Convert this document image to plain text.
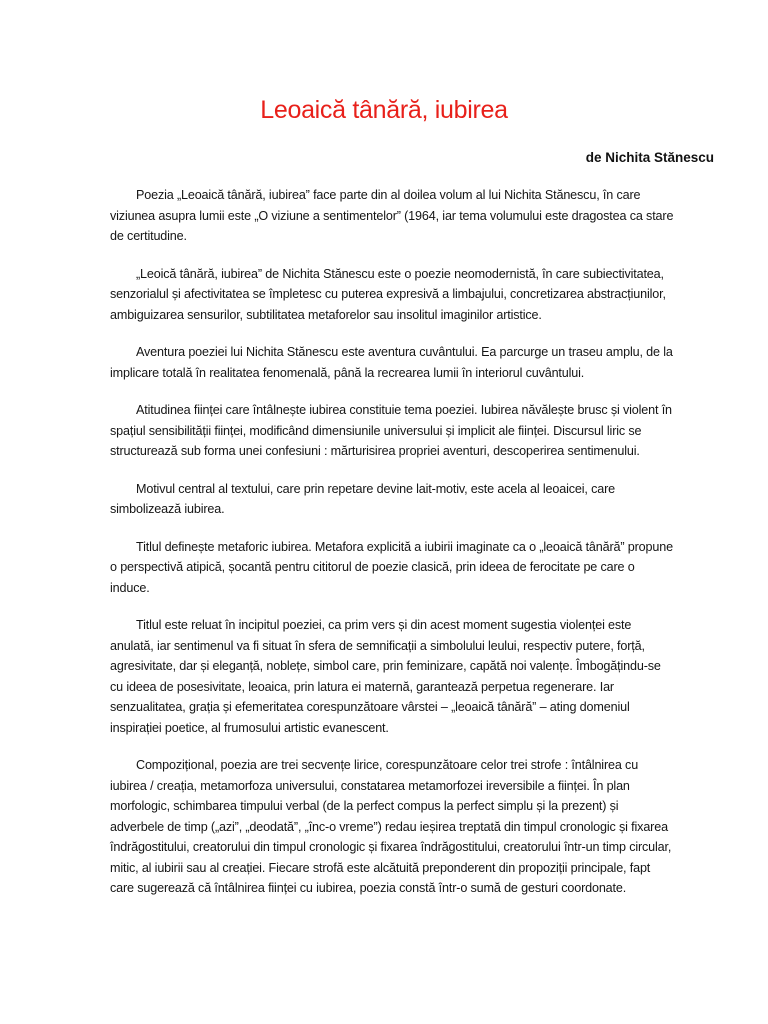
Leoaică tânără, iubirea

de Nichita Stănescu

Poezia „Leoaică tânără, iubirea” face parte din al doilea volum al lui Nichita Stănescu, în care viziunea asupra lumii este „O viziune a sentimentelor” (1964, iar tema volumului este dragostea ca stare de certitudine.

„Leoică tânără, iubirea” de Nichita Stănescu este o poezie neomodernistă, în care subiectivitatea, senzorialul și afectivitatea se împletesc cu puterea expresivă a limbajului, concretizarea abstracțiunilor, ambiguizarea sensurilor, subtilitatea metaforelor sau insolitul imaginilor artistice.

Aventura poeziei lui Nichita Stănescu este aventura cuvântului. Ea parcurge un traseu amplu, de la implicare totală în realitatea fenomenală, până la recrearea lumii în interiorul cuvântului.

Atitudinea ființei care întâlnește iubirea constituie tema poeziei. Iubirea năvălește brusc și violent în spațiul sensibilității ființei, modificând dimensiunile universului și implicit ale ființei. Discursul liric se structurează sub forma unei confesiuni : mărturisirea propriei aventuri, descoperirea sentimenului.

Motivul central al textului, care prin repetare devine lait-motiv, este acela al leoaicei, care simbolizează iubirea.

Titlul definește metaforic iubirea. Metafora explicită a iubirii imaginate ca o „leoaică tânără” propune o perspectivă atipică, șocantă pentru cititorul de poezie clasică, prin ideea de ferocitate pe care o induce.

Titlul este reluat în incipitul poeziei, ca prim vers și din acest moment sugestia violenței este anulată, iar sentimenul va fi situat în sfera de semnificații a simbolului leului, respectiv putere, forță, agresivitate, dar și eleganță, noblețe, simbol care, prin feminizare, capătă noi valențe. Îmbogățindu-se cu ideea de posesivitate, leoaica, prin latura ei maternă, garantează perpetua regenerare. Iar senzualitatea, grația și efemeritatea corespunzătoare vârstei – „leoaică tânără” – ating domeniul inspirației poetice, al frumosului artistic evanescent.

Compozițional, poezia are trei secvențe lirice, corespunzătoare celor trei strofe : întâlnirea cu iubirea / creația, metamorfoza universului, constatarea metamorfozei ireversibile a ființei. În plan morfologic, schimbarea timpului verbal (de la perfect compus la perfect simplu și la prezent) și adverbele de timp („azi”, „deodată”, „înc-o vreme”) redau ieșirea treptată din timpul cronologic și fixarea îndrăgostitului, creatorului din timpul cronologic și fixarea îndrăgostitului, creatorului într-un timp circular, mitic, al iubirii sau al creației. Fiecare strofă este alcătuită preponderent din propoziții principale, fapt care sugerează că întâlnirea ființei cu iubirea, poezia constă într-o sumă de gesturi coordonate.
